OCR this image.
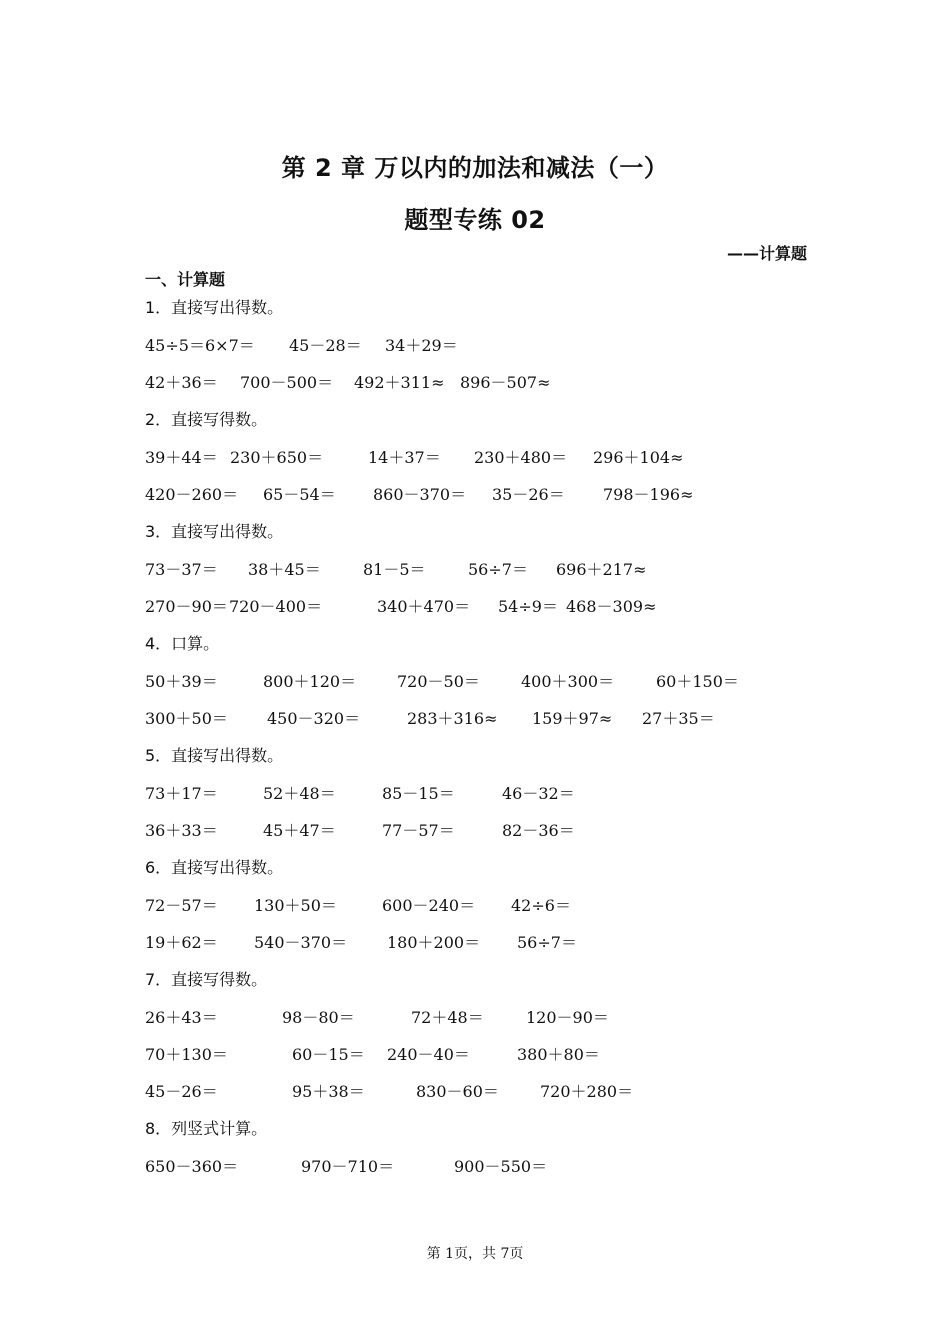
第 2 章 万以内的加法和减法（一）
题型专练 02
——计算题
一、计算题
1．直接写出得数。
45÷5＝ 6×7＝ 45－28＝ 34＋29＝
42＋36＝ 700－500＝ 492＋311≈ 896－507≈
2．直接写得数。
39＋44＝ 230＋650＝	14＋37＝ 230＋480＝ 296＋104≈
420－260＝ 65－54＝ 860－370＝ 35－26＝ 798－196≈
3．直接写出得数。
73－37＝ 38＋45＝	81－5＝	56÷7＝ 696＋217≈
270－90＝ 720－400＝	340＋470＝ 54÷9＝ 468－309≈
4．口算。
50＋39＝	800＋120＝	720－50＝	400＋300＝	60＋150＝
300＋50＝ 450－320＝	283＋316≈ 159＋97≈ 27＋35＝
5．直接写出得数。
73＋17＝	52＋48＝	85－15＝	46－32＝
36＋33＝	45＋47＝	77－57＝	82－36＝
6．直接写出得数。
72－57＝ 130＋50＝	600－240＝ 42÷6＝
19＋62＝ 540－370＝ 180＋200＝ 56÷7＝
7．直接写得数。
26＋43＝	98－80＝	72＋48＝	120－90＝
70＋130＝	60－15＝ 240－40＝	380＋80＝
45－26＝	95＋38＝	830－60＝	720＋280＝
8．列竖式计算。
650－360＝	970－710＝	900－550＝
第 1页，共 7页
